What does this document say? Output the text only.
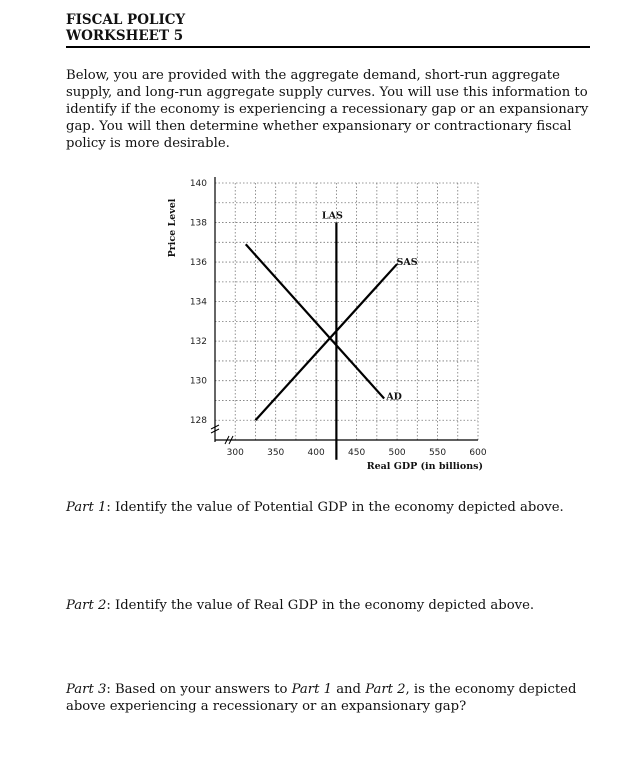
FISCAL POLICY
WORKSHEET 5
Below, you are provided with the aggregate demand, short-run aggregate supply, and long-run aggregate supply curves. You will use this information to identify if the economy is experiencing a recessionary gap or an expansionary gap. You will then determine whether expansionary or contractionary fiscal policy is more desirable.
128
130
132
134
136
138
140
300	350	400	450	500	550	600
Price Level
Real GDP (in billions)
LAS
SAS
AD
Part 1: Identify the value of Potential GDP in the economy depicted above.
Part 2: Identify the value of Real GDP in the economy depicted above.
Part 3: Based on your answers to Part 1 and Part 2, is the economy depicted above experiencing a recessionary or an expansionary gap?
